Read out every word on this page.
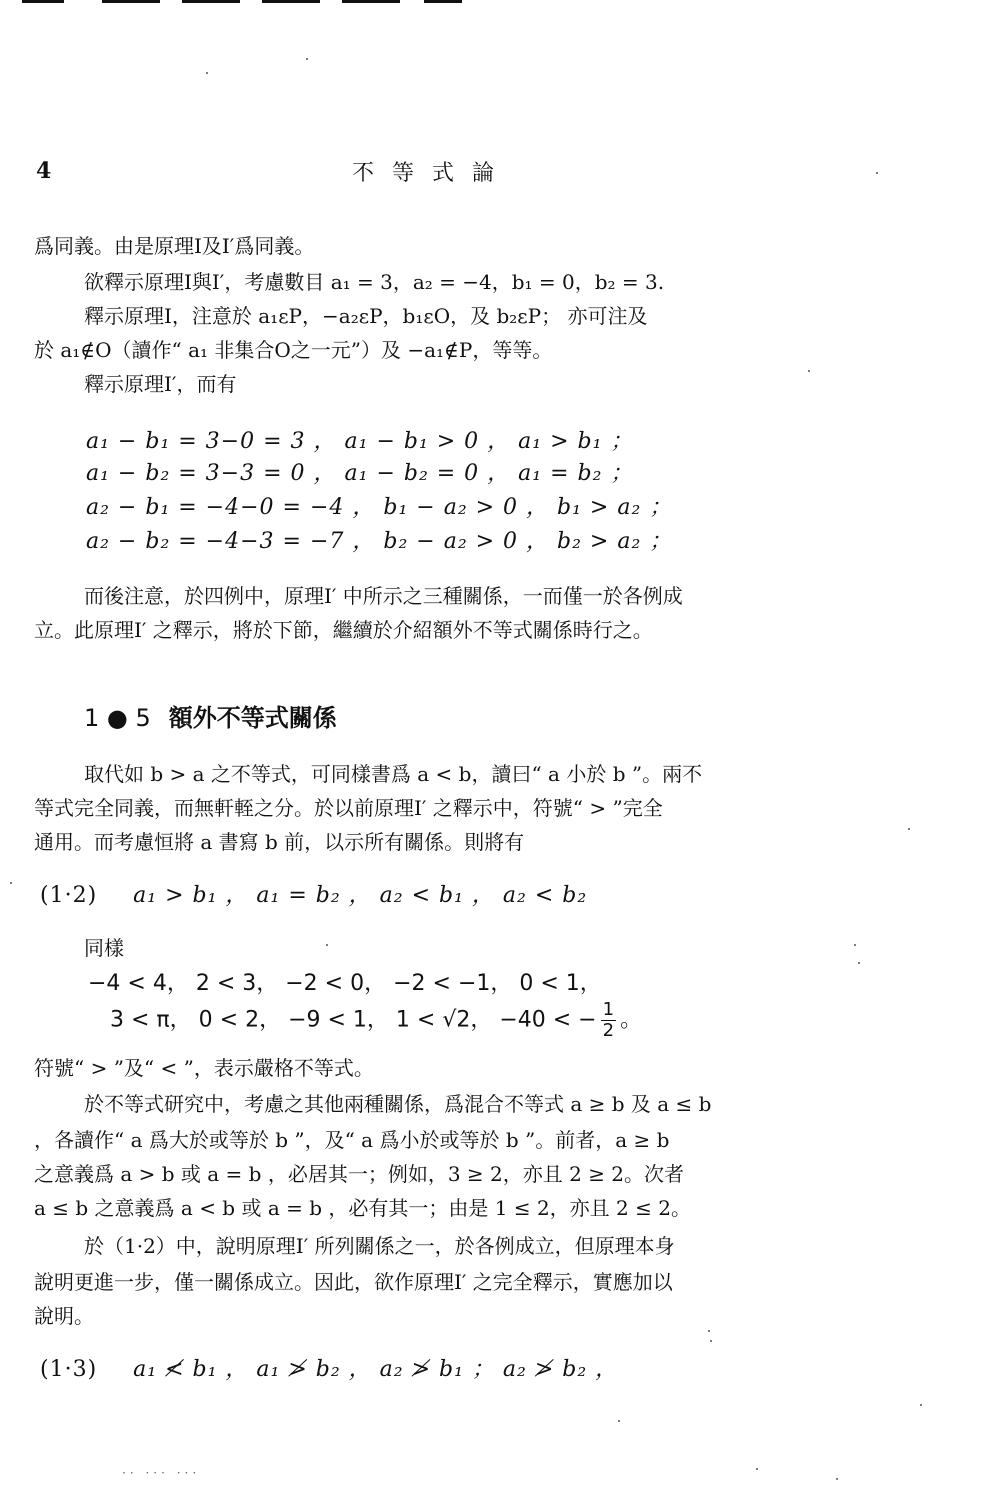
4	不等式論
爲同義。由是原理Ⅰ及Ⅰ′爲同義。
欲釋示原理Ⅰ與Ⅰ′，考慮數目 a₁ = 3，a₂ = −4，b₁ = 0，b₂ = 3.
釋示原理Ⅰ，注意於 a₁εP，−a₂εP，b₁εO，及 b₂εP； 亦可注及
於 a₁∉O（讀作“ a₁ 非集合O之一元”）及 −a₁∉P，等等。
釋示原理Ⅰ′，而有
a₁ − b₁ = 3−0 = 3 ， a₁ − b₁ > 0 ， a₁ > b₁ ；
a₁ − b₂ = 3−3 = 0 ， a₁ − b₂ = 0 ， a₁ = b₂ ；
a₂ − b₁ = −4−0 = −4 ， b₁ − a₂ > 0 ， b₁ > a₂ ；
a₂ − b₂ = −4−3 = −7 ， b₂ − a₂ > 0 ， b₂ > a₂ ；
而後注意，於四例中，原理Ⅰ′ 中所示之三種關係，一而僅一於各例成
立。此原理Ⅰ′ 之釋示，將於下節，繼續於介紹額外不等式關係時行之。
1 ● 5 額外不等式關係
取代如 b > a 之不等式，可同樣書爲 a < b，讀曰“ a 小於 b ”。兩不
等式完全同義，而無軒輊之分。於以前原理Ⅰ′ 之釋示中，符號“ > ”完全
通用。而考慮恒將 a 書寫 b 前，以示所有關係。則將有
(1·2) a₁ > b₁ ， a₁ = b₂ ， a₂ < b₁ ， a₂ < b₂
同樣
−4 < 4， 2 < 3， −2 < 0， −2 < −1， 0 < 1，
3 < π， 0 < 2， −9 < 1， 1 < √2， −40 < − $\frac{1}{2}$ 。
符號“ > ”及“ < ”，表示嚴格不等式。
於不等式研究中，考慮之其他兩種關係，爲混合不等式 a ≥ b 及 a ≤ b
，各讀作“ a 爲大於或等於 b ”，及“ a 爲小於或等於 b ”。前者，a ≥ b
之意義爲 a > b 或 a = b ，必居其一；例如，3 ≥ 2，亦且 2 ≥ 2。次者
a ≤ b 之意義爲 a < b 或 a = b ，必有其一；由是 1 ≤ 2，亦且 2 ≤ 2。
於（1·2）中，說明原理Ⅰ′ 所列關係之一，於各例成立，但原理本身
說明更進一步，僅一關係成立。因此，欲作原理Ⅰ′ 之完全釋示，實應加以
說明。
(1·3) a₁ ≮ b₁ ， a₁ ≯ b₂ ， a₂ ≯ b₁ ； a₂ ≯ b₂ ，
·· ··· ···
